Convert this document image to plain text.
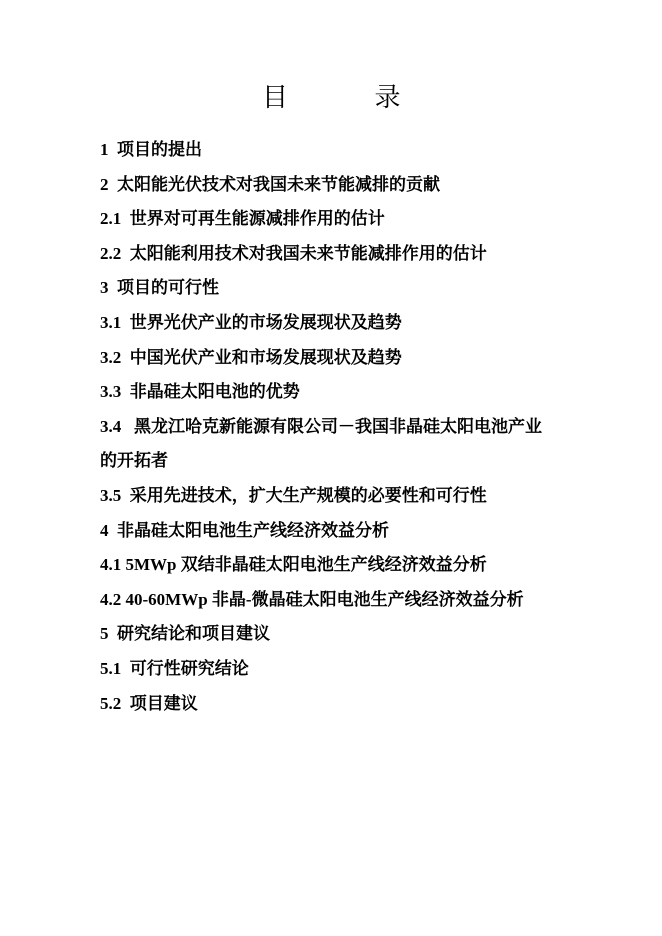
目 录
1  项目的提出
2  太阳能光伏技术对我国未来节能减排的贡献
2.1  世界对可再生能源减排作用的估计
2.2  太阳能利用技术对我国未来节能减排作用的估计
3  项目的可行性
3.1  世界光伏产业的市场发展现状及趋势
3.2  中国光伏产业和市场发展现状及趋势
3.3  非晶硅太阳电池的优势
3.4   黑龙江哈克新能源有限公司－我国非晶硅太阳电池产业
的开拓者
3.5  采用先进技术，扩大生产规模的必要性和可行性
4  非晶硅太阳电池生产线经济效益分析
4.1 5MWp 双结非晶硅太阳电池生产线经济效益分析
4.2 40-60MWp 非晶-微晶硅太阳电池生产线经济效益分析
5  研究结论和项目建议
5.1  可行性研究结论
5.2  项目建议
